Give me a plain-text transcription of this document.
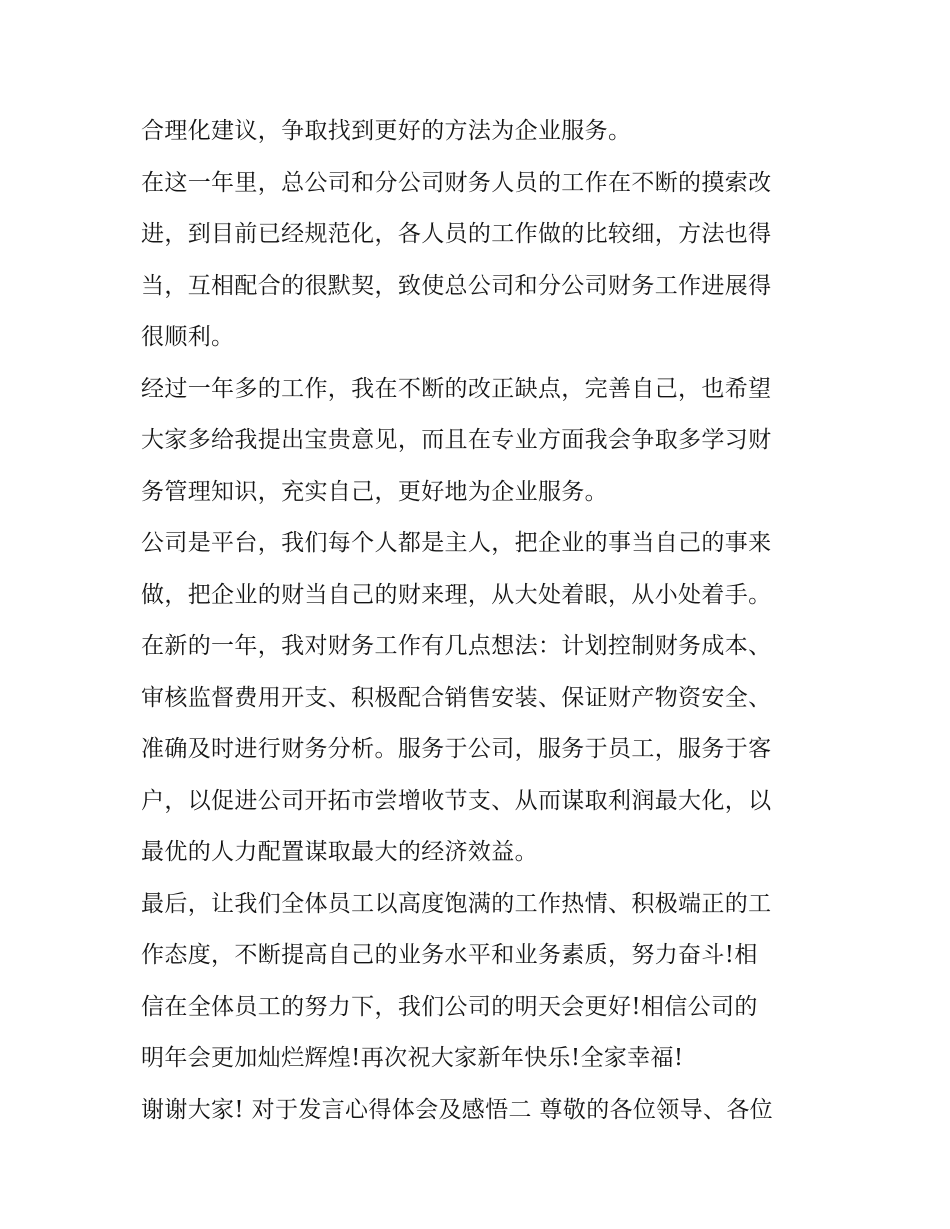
合理化建议，争取找到更好的方法为企业服务。

在这一年里，总公司和分公司财务人员的工作在不断的摸索改

进，到目前已经规范化，各人员的工作做的比较细，方法也得

当，互相配合的很默契，致使总公司和分公司财务工作进展得

很顺利。

经过一年多的工作，我在不断的改正缺点，完善自己，也希望

大家多给我提出宝贵意见，而且在专业方面我会争取多学习财

务管理知识，充实自己，更好地为企业服务。

公司是平台，我们每个人都是主人，把企业的事当自己的事来

做，把企业的财当自己的财来理，从大处着眼，从小处着手。

在新的一年，我对财务工作有几点想法：计划控制财务成本、

审核监督费用开支、积极配合销售安装、保证财产物资安全、

准确及时进行财务分析。服务于公司，服务于员工，服务于客

户，以促进公司开拓市尝增收节支、从而谋取利润最大化，以

最优的人力配置谋取最大的经济效益。

最后，让我们全体员工以高度饱满的工作热情、积极端正的工

作态度，不断提高自己的业务水平和业务素质，努力奋斗!相

信在全体员工的努力下，我们公司的明天会更好!相信公司的

明年会更加灿烂辉煌!再次祝大家新年快乐!全家幸福!

谢谢大家! 对于发言心得体会及感悟二 尊敬的各位领导、各位
